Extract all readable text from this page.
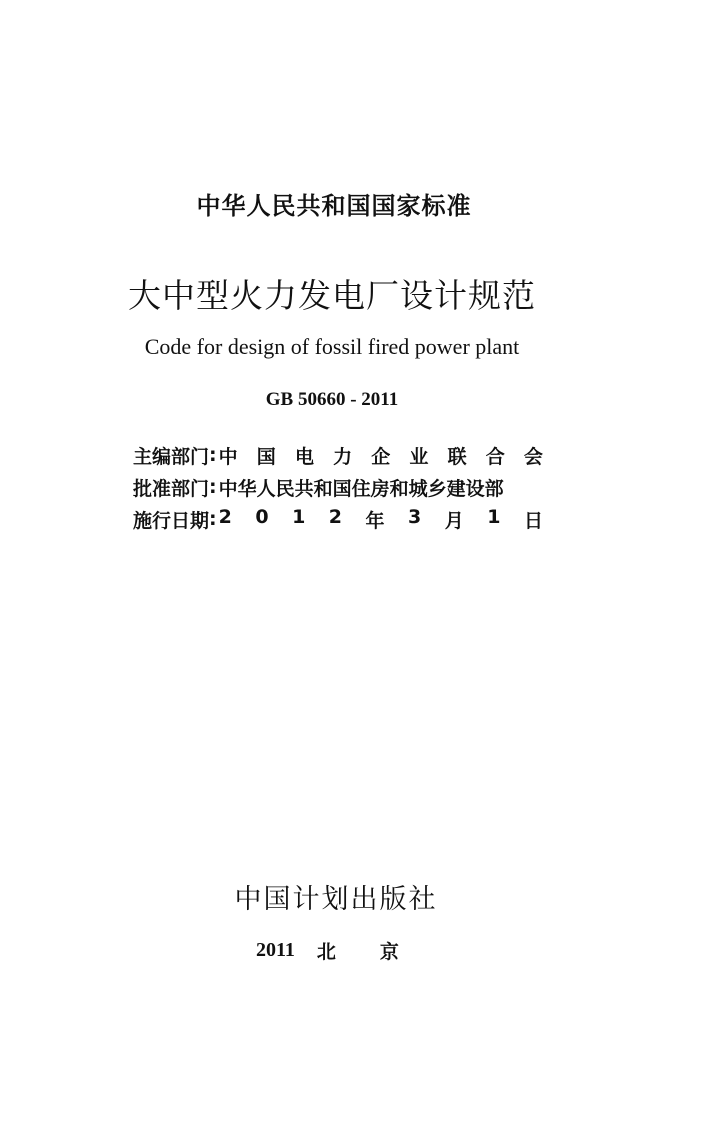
中华人民共和国国家标准
大中型火力发电厂设计规范
Code for design of fossil fired power plant
GB 50660 - 2011
主编部门 : 中 国 电 力 企 业 联 合 会
批准部门 : 中华人民共和国住房和城乡建设部
施行日期 : 2 0 1 2 年 3 月 1 日
中国计划出版社
2011 北 京
